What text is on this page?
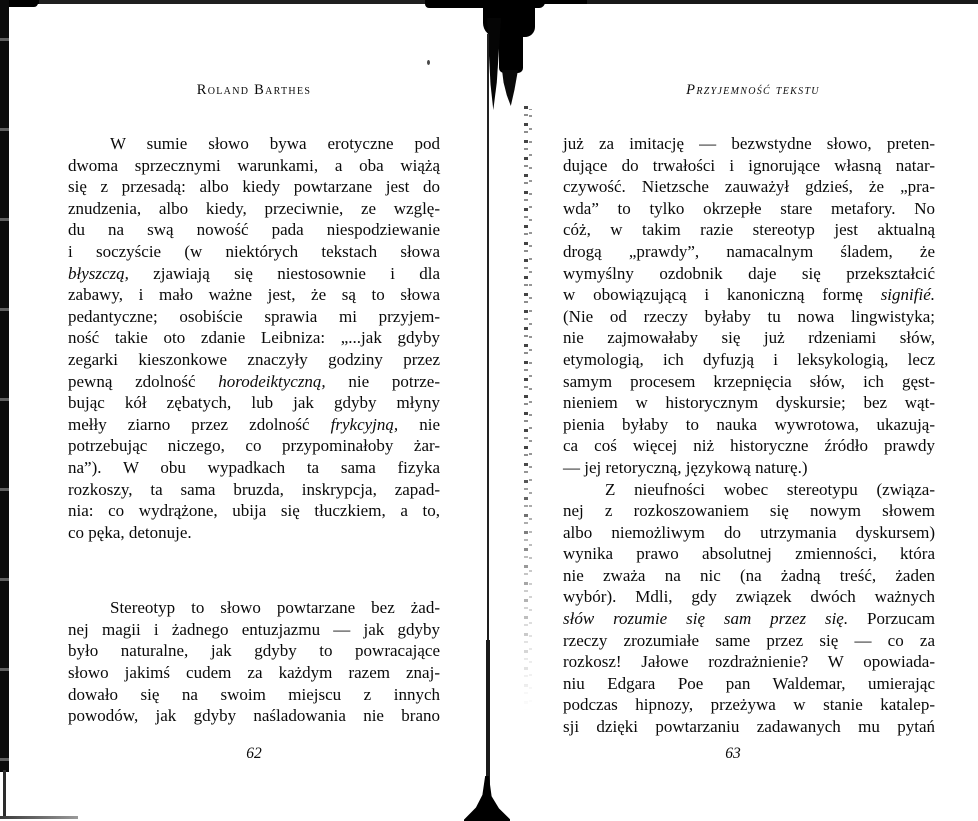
Roland Barthes
W sumie słowo bywa erotyczne pod
dwoma sprzecznymi warunkami, a oba wiążą
się z przesadą: albo kiedy powtarzane jest do
znudzenia, albo kiedy, przeciwnie, ze wzglę-
du na swą nowość pada niespodziewanie
i soczyście (w niektórych tekstach słowa
błyszczą, zjawiają się niestosownie i dla
zabawy, i mało ważne jest, że są to słowa
pedantyczne; osobiście sprawia mi przyjem-
ność takie oto zdanie Leibniza: „...jak gdyby
zegarki kieszonkowe znaczyły godziny przez
pewną zdolność horodeiktyczną, nie potrze-
bując kół zębatych, lub jak gdyby młyny
mełły ziarno przez zdolność frykcyjną, nie
potrzebując niczego, co przypominałoby żar-
na”). W obu wypadkach ta sama fizyka
rozkoszy, ta sama bruzda, inskrypcja, zapad-
nia: co wydrążone, ubija się tłuczkiem, a to,
co pęka, detonuje.
Stereotyp to słowo powtarzane bez żad-
nej magii i żadnego entuzjazmu — jak gdyby
było naturalne, jak gdyby to powracające
słowo jakimś cudem za każdym razem znaj-
dowało się na swoim miejscu z innych
powodów, jak gdyby naśladowania nie brano
62
Przyjemność tekstu
już za imitację — bezwstydne słowo, preten-
dujące do trwałości i ignorujące własną natar-
czywość. Nietzsche zauważył gdzieś, że „pra-
wda” to tylko okrzepłe stare metafory. No
cóż, w takim razie stereotyp jest aktualną
drogą „prawdy”, namacalnym śladem, że
wymyślny ozdobnik daje się przekształcić
w obowiązującą i kanoniczną formę signifié.
(Nie od rzeczy byłaby tu nowa lingwistyka;
nie zajmowałaby się już rdzeniami słów,
etymologią, ich dyfuzją i leksykologią, lecz
samym procesem krzepnięcia słów, ich gęst-
nieniem w historycznym dyskursie; bez wąt-
pienia byłaby to nauka wywrotowa, ukazują-
ca coś więcej niż historyczne źródło prawdy
— jej retoryczną, językową naturę.)
Z nieufności wobec stereotypu (związa-
nej z rozkoszowaniem się nowym słowem
albo niemożliwym do utrzymania dyskursem)
wynika prawo absolutnej zmienności, która
nie zważa na nic (na żadną treść, żaden
wybór). Mdli, gdy związek dwóch ważnych
słów rozumie się sam przez się. Porzucam
rzeczy zrozumiałe same przez się — co za
rozkosz! Jałowe rozdrażnienie? W opowiada-
niu Edgara Poe pan Waldemar, umierając
podczas hipnozy, przeżywa w stanie katalep-
sji dzięki powtarzaniu zadawanych mu pytań
63
